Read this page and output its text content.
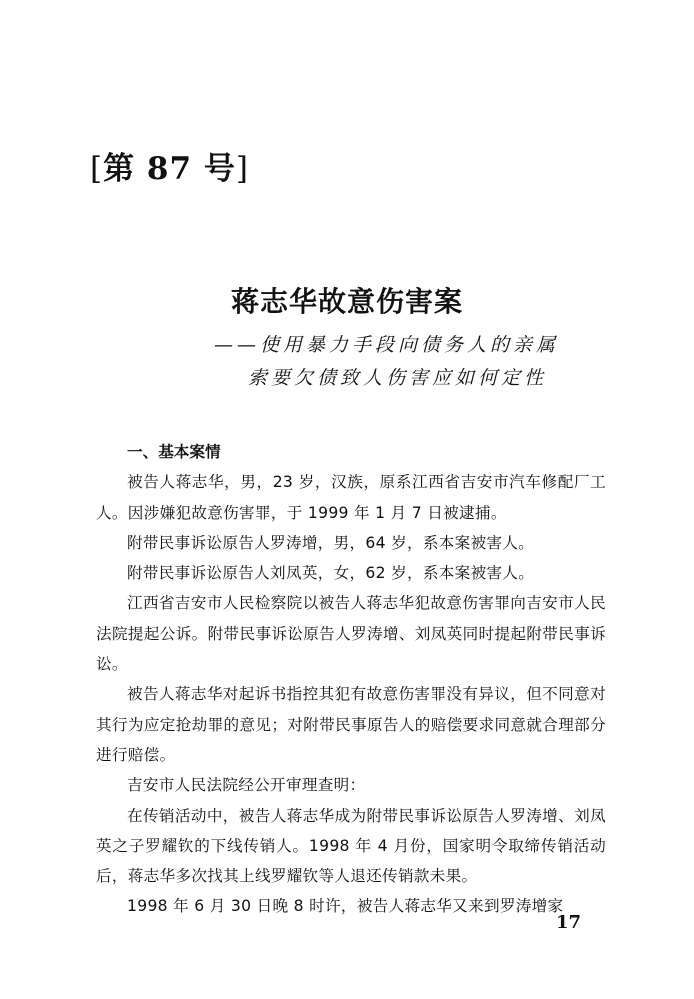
[第 87 号]
蒋志华故意伤害案
——使用暴力手段向债务人的亲属
索要欠债致人伤害应如何定性
一、基本案情

被告人蒋志华，男，23 岁，汉族，原系江西省吉安市汽车修配厂工人。因涉嫌犯故意伤害罪，于 1999 年 1 月 7 日被逮捕。

附带民事诉讼原告人罗涛增，男，64 岁，系本案被害人。

附带民事诉讼原告人刘凤英，女，62 岁，系本案被害人。

江西省吉安市人民检察院以被告人蒋志华犯故意伤害罪向吉安市人民法院提起公诉。附带民事诉讼原告人罗涛增、刘凤英同时提起附带民事诉讼。

被告人蒋志华对起诉书指控其犯有故意伤害罪没有异议，但不同意对其行为应定抢劫罪的意见；对附带民事原告人的赔偿要求同意就合理部分进行赔偿。

吉安市人民法院经公开审理查明：

在传销活动中，被告人蒋志华成为附带民事诉讼原告人罗涛增、刘凤英之子罗耀钦的下线传销人。1998 年 4 月份，国家明令取缔传销活动后，蒋志华多次找其上线罗耀钦等人退还传销款未果。

1998 年 6 月 30 日晚 8 时许，被告人蒋志华又来到罗涛增家

17
